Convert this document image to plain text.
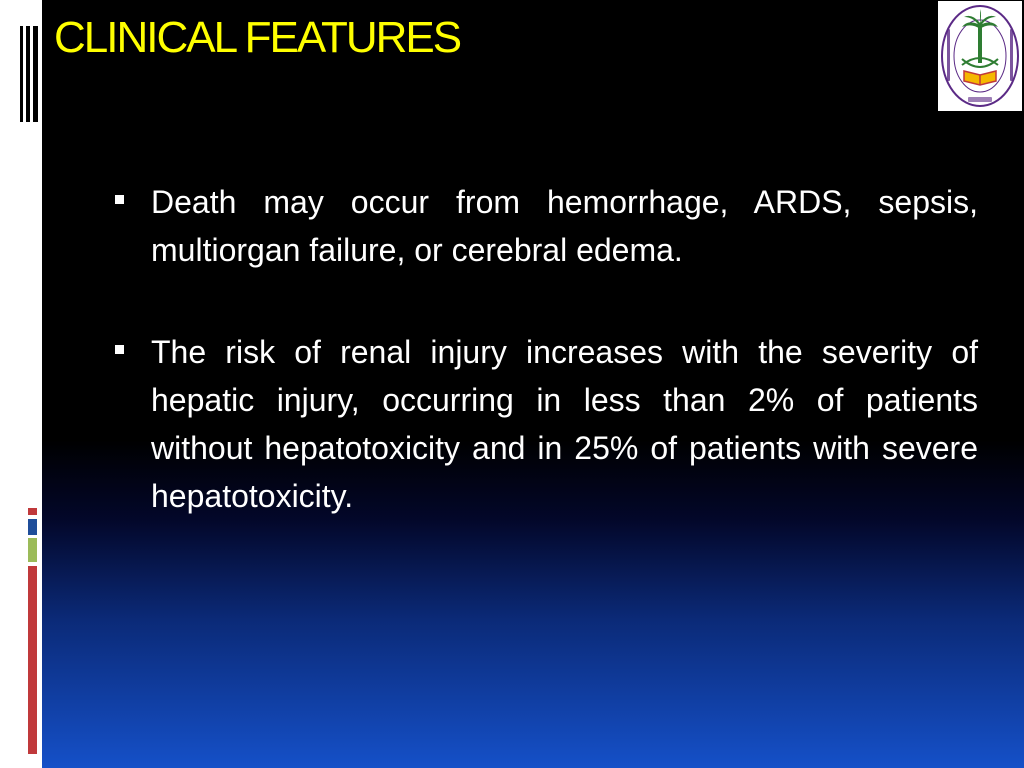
CLINICAL FEATURES
Death may occur from hemorrhage, ARDS, sepsis, multiorgan failure, or cerebral edema.
The risk of renal injury increases with the severity of hepatic injury, occurring in less than 2% of patients without hepatotoxicity and in 25% of patients with severe hepatotoxicity.
